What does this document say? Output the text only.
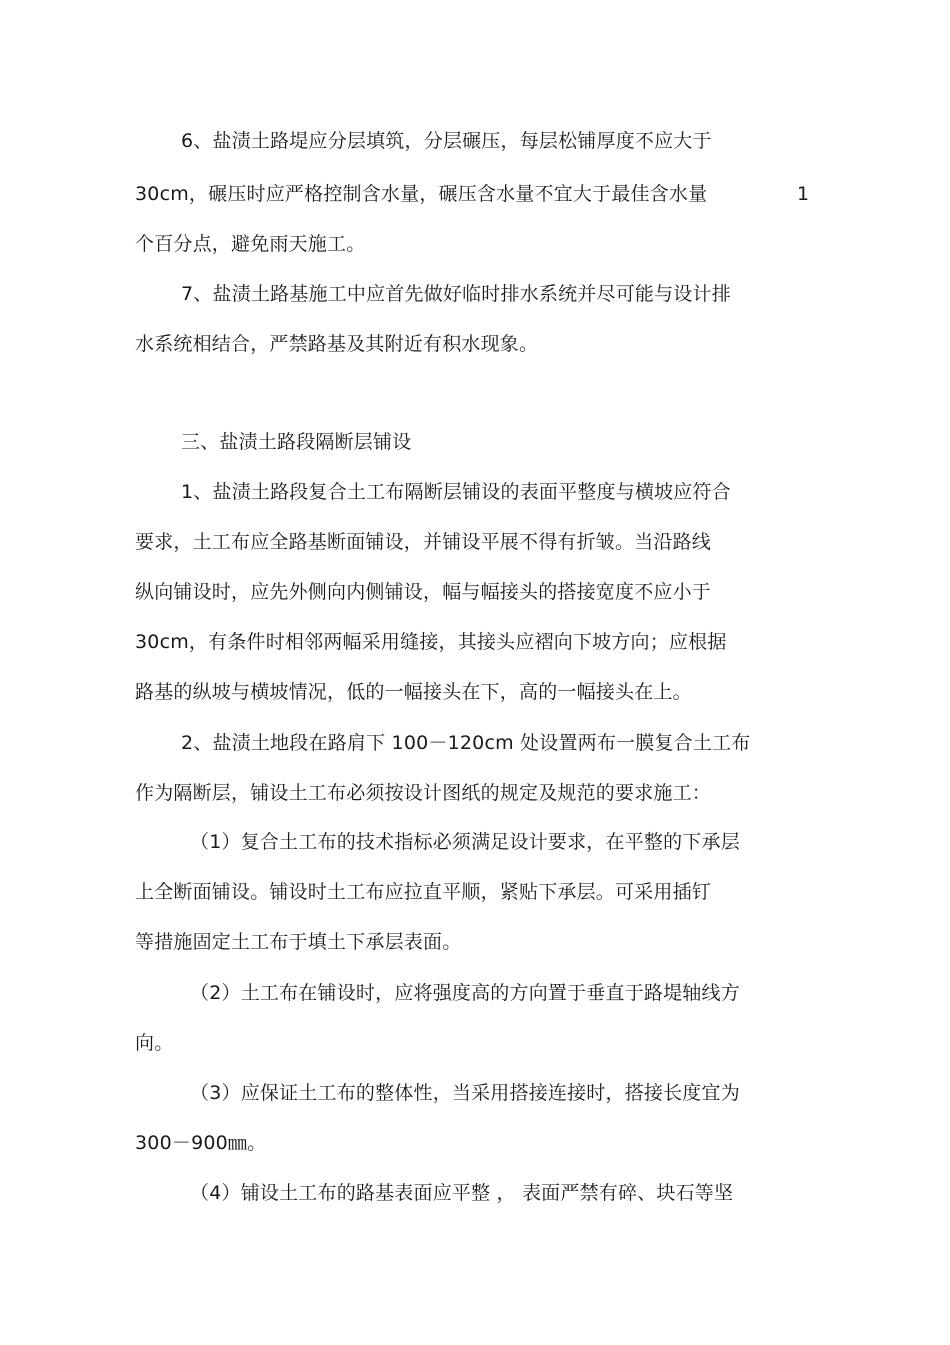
6、盐渍土路堤应分层填筑，分层碾压，每层松铺厚度不应大于
30cm，碾压时应严格控制含水量，碾压含水量不宜大于最佳含水量	1
个百分点，避免雨天施工。
7、盐渍土路基施工中应首先做好临时排水系统并尽可能与设计排
水系统相结合，严禁路基及其附近有积水现象。
三、盐渍土路段隔断层铺设
1、盐渍土路段复合土工布隔断层铺设的表面平整度与横坡应符合
要求，土工布应全路基断面铺设，并铺设平展不得有折皱。当沿路线
纵向铺设时，应先外侧向内侧铺设，幅与幅接头的搭接宽度不应小于
30cm，有条件时相邻两幅采用缝接，其接头应褶向下坡方向；应根据
路基的纵坡与横坡情况，低的一幅接头在下，高的一幅接头在上。
2、盐渍土地段在路肩下 100－120cm 处设置两布一膜复合土工布
作为隔断层，铺设土工布必须按设计图纸的规定及规范的要求施工：
（1）复合土工布的技术指标必须满足设计要求，在平整的下承层
上全断面铺设。铺设时土工布应拉直平顺，紧贴下承层。可采用插钉
等措施固定土工布于填土下承层表面。
（2）土工布在铺设时，应将强度高的方向置于垂直于路堤轴线方
向。
（3）应保证土工布的整体性，当采用搭接连接时，搭接长度宜为
300－900㎜。
（4）铺设土工布的路基表面应平整 ， 表面严禁有碎、块石等坚
